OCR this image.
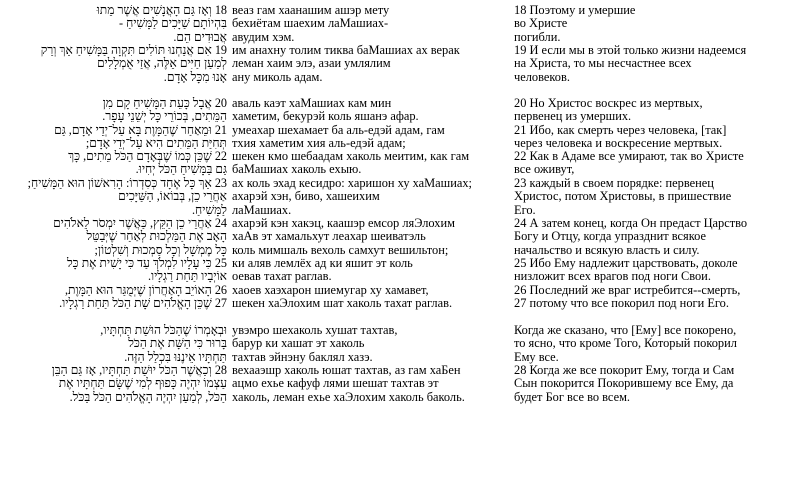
18 וְאָז גַּם הָאֲנָשִׁים אֲשֶׁר מֵתוּ
בִּהְיוֹתָם שַׁיָּכִים לַמָּשִׁיחַ -
אֲבוּדִים הֵם.
веаз гам хаанашим ашэр мету
бехиётам шаехим лаМашиах-
авудим хэм.
18 Поэтому и умершие
во Христе
погибли.
19 אִם אֲנַחְנוּ תּוֹלִים תִּקְוָה בַּמָּשִׁיחַ אַךְ וְרַק
לְמַעַן חַיִּים אֵלֶּה, אֲזַי אֻמְלָלִים
אָנוּ מִכָּל אָדָם.
им анахну толим тиква баМашиах ах верак
леман хаим элэ, азаи умлялим
ану миколь адам.
19 И если мы в этой только жизни надеемся
на Христа, то мы несчастнее всех
человеков.
20 אֲבָל כָּעֵת הַמָּשִׁיחַ קָם מִן
הַמֵּתִים, בְּכוֹרֵי כָּל יְשֵׁנֵי עָפָר.
аваль каэт хаМашиах кам мин
хаметим, бекурэй коль яшанэ афар.
20 Но Христос воскрес из мертвых,
первенец из умерших.
21 וּמֵאַחַר שֶׁהַמָּוֶת בָּא עַל־יְדֵי אָדָם, גַּם
תְּחִיַּת הַמֵּתִים הִיא עַל־יְדֵי אָדָם;
умеахар шехамает ба аль-едэй адам, гам
тхия хаметим хия аль-едэй адам;
21 Ибо, как смерть через человека, [так]
через человека и воскресение мертвых.
22 שֶׁכֵּן כְּמוֹ שֶׁבְּאָדָם הַכֹּל מֵתִים, כָּךְ
גַּם בַּמָּשִׁיחַ הַכֹּל יְחִיוּ.
шекен кмо шебаадам хаколь меитим, как гам
баМашиах хаколь ехыю.
22 Как в Адаме все умирают, так во Христе
все оживут,
23 אַךְ כָּל אֶחָד כְּסִדְרוֹ: הָרִאשׁוֹן הוּא הַמָּשִׁיחַ;
אַחֲרֵי כֵן, בְּבוֹאוֹ, הַשַּׁיָּכִים
לַמָּשִׁיחַ.
ах коль эхад кесидро: харишон ху хаМашиах;
ахарэй хэн, биво, хашеихим
лаМашиах.
23 каждый в своем порядке: первенец
Христос, потом Христовы, в пришествие
Его.
24 אַחֲרֵי כֵן הַקֵּץ, כַּאֲשֶׁר יִמְסֹר לֵאלֹהִים
הָאָב אֶת הַמַּלְכוּת לְאַחַר שֶׁיְּבַטֵּל
כָּל מֶמְשָׁל וְכָל סַמְכוּת וְשִׁלְטוֹן;
ахарэй кэн хакэц, каашэр емсор ляЭлохим
хаАв эт хамальхут леахар шеиватэль
коль мимшаль вехоль самхут вешильтон;
24 А затем конец, когда Он предаст Царство
Богу и Отцу, когда упразднит всякое
начальство и всякую власть и силу.
25 כִּי עָלָיו לִמְלֹךְ עַד כִּי יָשִׁית אֶת כָּל
אוֹיְבָיו תַּחַת רַגְלָיו.
ки аляв лемлёх ад ки яшит эт коль
оевав тахат раглав.
25 Ибо Ему надлежит царствовать, доколе
низложит всех врагов под ноги Свои.
26 הָאוֹיֵב הָאַחֲרוֹן שֶׁיְּמֻגַּר הוּא הַמָּוֶת,
27 שֶׁכֵּן הָאֱלֹהִים שָׁת הַכֹּל תַּחַת רַגְלָיו.
хаоев хаэхарон шиемугар ху хамавет,
шекен хаЭлохим шат хаколь тахат раглав.
26 Последний же враг истребится--смерть,
27 потому что все покорил под ноги Его.
וּבְאָמְרוֹ שֶׁהַכֹּל הוּשַׁת תַּחְתָּיו,
בָּרוּר כִּי הַשָּׁת אֶת הַכֹּל
תַּחְתָּיו אֵינֶנּוּ בִּכְלַל הַזֶּה.
увэмро шехаколь хушат тахтав,
барур ки хашат эт хаколь
тахтав эйнэну баклял хазэ.
Когда же сказано, что [Ему] все покорено,
то ясно, что кроме Того, Который покорил
Ему все.
28 וְכַאֲשֶׁר הַכֹּל יוּשַׁת תַּחְתָּיו, אָז גַּם הַבֵּן
עַצְמוֹ יִהְיֶה כָּפוּף לְמִי שֶׁשָּׂם תַּחְתָּיו אֶת
הַכֹּל, לְמַעַן יִהְיֶה הָאֱלֹהִים הַכֹּל בַּכֹּל.
вехааэшр хаколь юшат тахтав, аз гам хаБен
ацмо ехье кафуф лями шешат тахтав эт
хаколь, леман ехье хаЭлохим хаколь баколь.
28 Когда же все покорит Ему, тогда и Сам
Сын покорится Покорившему все Ему, да
будет Бог все во всем.
